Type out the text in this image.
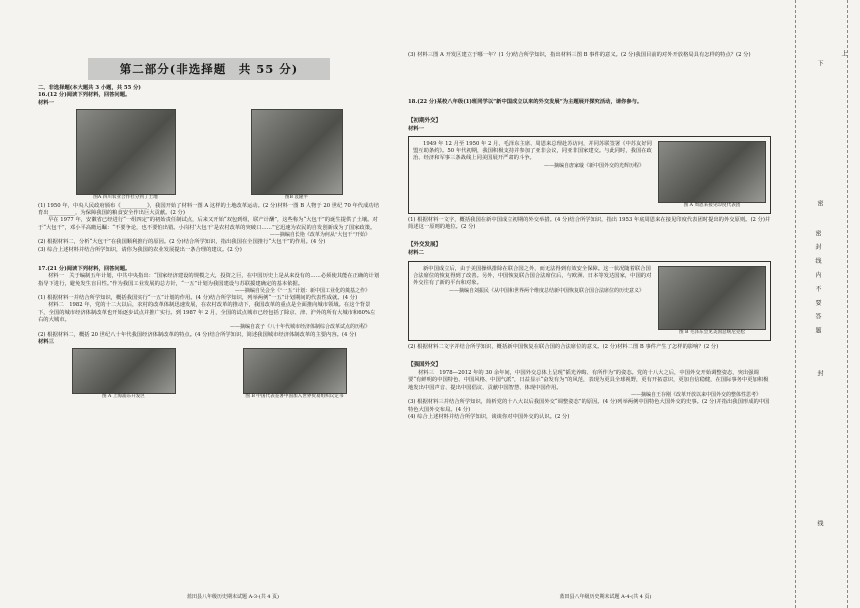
第二部分(非选择题　共 55 分)

二、非选择题(本大题共 3 小题，共 55 分)

16.(12 分)阅读下列材料，回答问题。

材料一

图A 四川农业合作社分到了土地	图B 袁隆平

(1) 1950 年，中央人民政府颁布《__________》，我国开始了材料一图 A 这样的土地改革运动。(2 分)材料一图 B 人物于 20 世纪 70 年代成功培育出__________，为保障我国的粮食安全作出巨大贡献。(2 分)

早在 1977 年，安徽省已经进行“一组四定”的初始责任制试点，后来又开始“双包到组，联产计酬”，这些称为“大包干”的诞生提供了土壤。对于“大包干”，邓小平高瞻远瞩：“不要争论，也不要怕出错。小岗村‘大包干’是农村改革的突破口……”它迅速为农民的自发创新成为了国家政策。

——摘编自长艳《改革为何从“大包干”开始》

(2) 根据材料二，分析“大包干”在我国顺利推行的原因。(2 分)结合所学知识，指出我国在全国推行“大包干”的作用。(4 分)

(3) 综合上述材料并结合所学知识，请你为我国的农业发展提出一条合理的建议。(2 分)

17.(21 分)阅读下列材料，回答问题。

材料一　关于编制五年计划，中共中央指出：“国家经济建设的规模之大，投资之巨，在中国历史上是从来没有的……必须使其能在正确的计划指导下进行，避免发生盲目性。”作为我国工业发展的总方针，“一五”计划为我国建设与苏联援建确定的基本依据。

——摘编自吴会全《“一五”计划：新中国工业化的奠基之作》

(1) 根据材料一并结合所学知识，概括我国实行“一五”计划的作用。(4 分)结合所学知识，列举两例“一五”计划期间的代表性成就。(4 分)

材料二　1982 年，党的十二大以后，农村的改革体制迅速发展，在农村改革的推动下，我国改革的重点是全面推向城市领域。在这个背景下，全国的城市经济体制改革也开始逐步试点并推广实行。到 1987 年 2 月，全国的试点城市已经包括了除京、津、沪外的所有大城市和60%左右的大城市。

——摘编自袁子《八十年代城市经济体制综合改革试点的历程》

(2) 根据材料二，概括 20 世纪八十年代我国经济体制改革的特点。(4 分)结合所学知识，简述我国城市经济体制改革的主要内容。(4 分)

材料三

图 A 上海浦东开发区	图 B 中国代表签署中国加入世界贸易组织议定书
蓝田县八年级历史期末试题 A-3-(共 4 页)

(3) 材料三图 A 开发区建立于哪一年？(1 分)结合所学知识，指出材料三图 B 事件的意义。(2 分)我国目前的对外开放格局具有怎样的特点？(2 分)

18.(22 分)某校八年级(1)班同学以“新中国成立以来的外交发展”为主题展开探究活动，请你参与。

【初期外交】

材料一

1949 年 12 月至 1950 年 2 月，毛泽东主席、周恩来总理赴苏访问，并同苏联签署《中苏友好同盟互助条约》。50 年代初期，我国积极支持并参加了亚非会议，同亚非国家建交。与此同时，我国在政治、经济和军事三条战线上同美国展开严肃的斗争。

——摘编自唐家璇《新中国外交的光辉历程》

图 A 周恩来接见印度代表团

(1) 根据材料一文字，概括我国在新中国成立初期的外交举措。(4 分)结合所学知识，指出 1953 年底周恩来在接见印度代表团时提出的外交原则。(2 分)并简述这一原则的地位。(2 分)

【外交发展】

材料二

新中国成立后，由于美国操纵排除在联合国之外，而无法得到有效安全保障。这一状况随着联合国合法席位的恢复得到了改善。另外，中国恢复联合国合法席位后，与欧洲、日本等发达国家，中国的对外交往有了新的平台和对象。

——摘编自刘振民《从中国和世界两个维度总结新中国恢复联合国合法席位的历史意义》

图 B 毛泽东会见美国总统尼克松

(2) 根据材料二文字并结合所学知识，概括新中国恢复在联合国的合法席位的意义。(2 分)材料二图 B 事件产生了怎样的影响？(2 分)

【强国外交】

材料三　1978—2012 年的 30 余年间，中国外交总体上呈现“韬光养晦、有所作为”的姿态。党的十八大之后，中国外交开始调整姿态，突出强调要“有鲜明的中国特色、中国风格、中国气派”，日益显示“奋发有为”的风范，表现为更具全球视野，更有开拓意识，更加自信稳健，在国际事务中更加积极地发出中国声音、提出中国倡议、贡献中国智慧、体现中国作用。

——摘编自王存刚《改革开放以来中国外交的整体性思考》

(3) 根据材料三并结合所学知识，简析党的十八大以后我国外交“调整姿态”的原因。(4 分)列举两例中国特色大国外交的史事。(2 分)并指出我国形成的中国特色大国外交布局。(4 分)

(4) 综合上述材料并结合所学知识，谈谈你对中国外交的认识。(2 分)

蓝田县八年级历史期末试题 A-4-(共 4 页)
密 封 线 内 不 要 答 题
上
下
密
封
线
